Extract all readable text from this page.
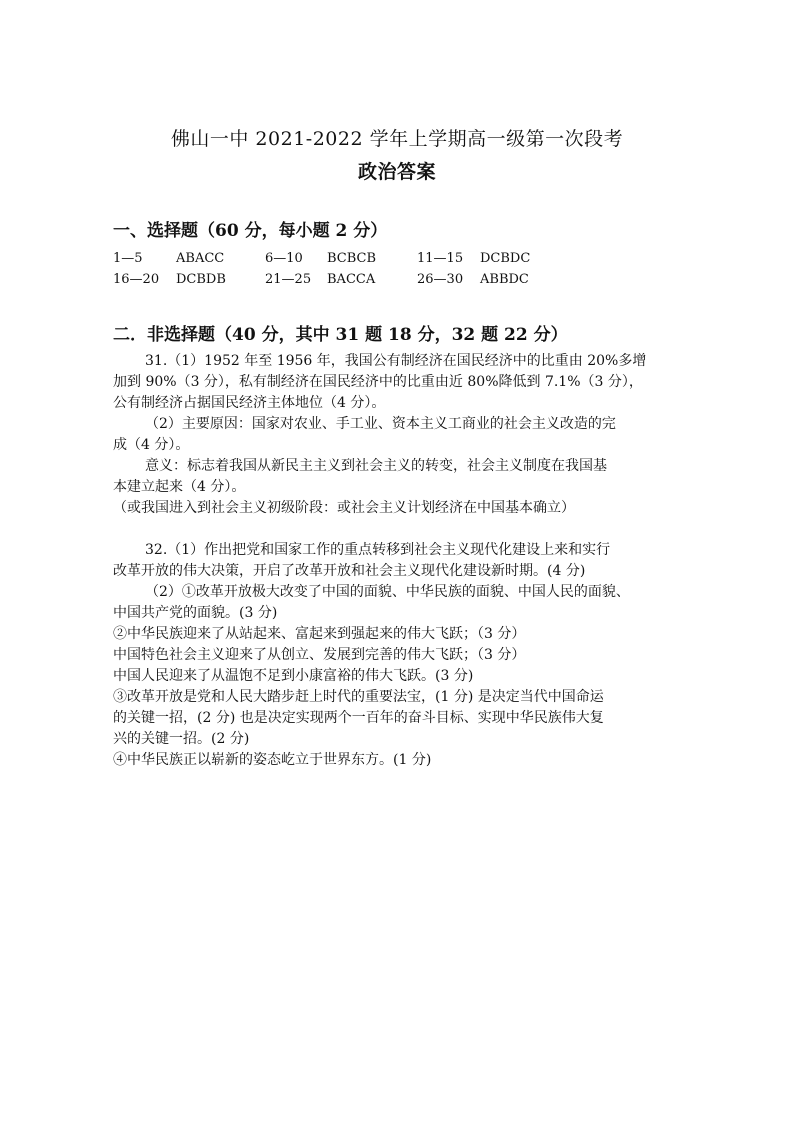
佛山一中 2021-2022 学年上学期高一级第一次段考
政治答案
一、选择题（60 分，每小题 2 分）
1—5	ABACC	6—10 BCBCB	11—15 DCBDC
16—20 DCBDB	21—25 BACCA	26—30 ABBDC
二．非选择题（40 分，其中 31 题 18 分，32 题 22 分）
31.（1）1952 年至 1956 年，我国公有制经济在国民经济中的比重由 20%多增
加到 90%（3 分），私有制经济在国民经济中的比重由近 80%降低到 7.1%（3 分），
公有制经济占据国民经济主体地位（4 分）。
（2）主要原因：国家对农业、手工业、资本主义工商业的社会主义改造的完
成（4 分）。
意义：标志着我国从新民主主义到社会主义的转变，社会主义制度在我国基
本建立起来（4 分）。
（或我国进入到社会主义初级阶段：或社会主义计划经济在中国基本确立）
32.（1）作出把党和国家工作的重点转移到社会主义现代化建设上来和实行
改革开放的伟大决策，开启了改革开放和社会主义现代化建设新时期。(4 分)
（2）①改革开放极大改变了中国的面貌、中华民族的面貌、中国人民的面貌、
中国共产党的面貌。(3 分)
②中华民族迎来了从站起来、富起来到强起来的伟大飞跃；（3 分）
中国特色社会主义迎来了从创立、发展到完善的伟大飞跃；（3 分）
中国人民迎来了从温饱不足到小康富裕的伟大飞跃。(3 分)
③改革开放是党和人民大踏步赶上时代的重要法宝，(1 分) 是决定当代中国命运
的关键一招，(2 分) 也是决定实现两个一百年的奋斗目标、实现中华民族伟大复
兴的关键一招。(2 分)
④中华民族正以崭新的姿态屹立于世界东方。(1 分)
